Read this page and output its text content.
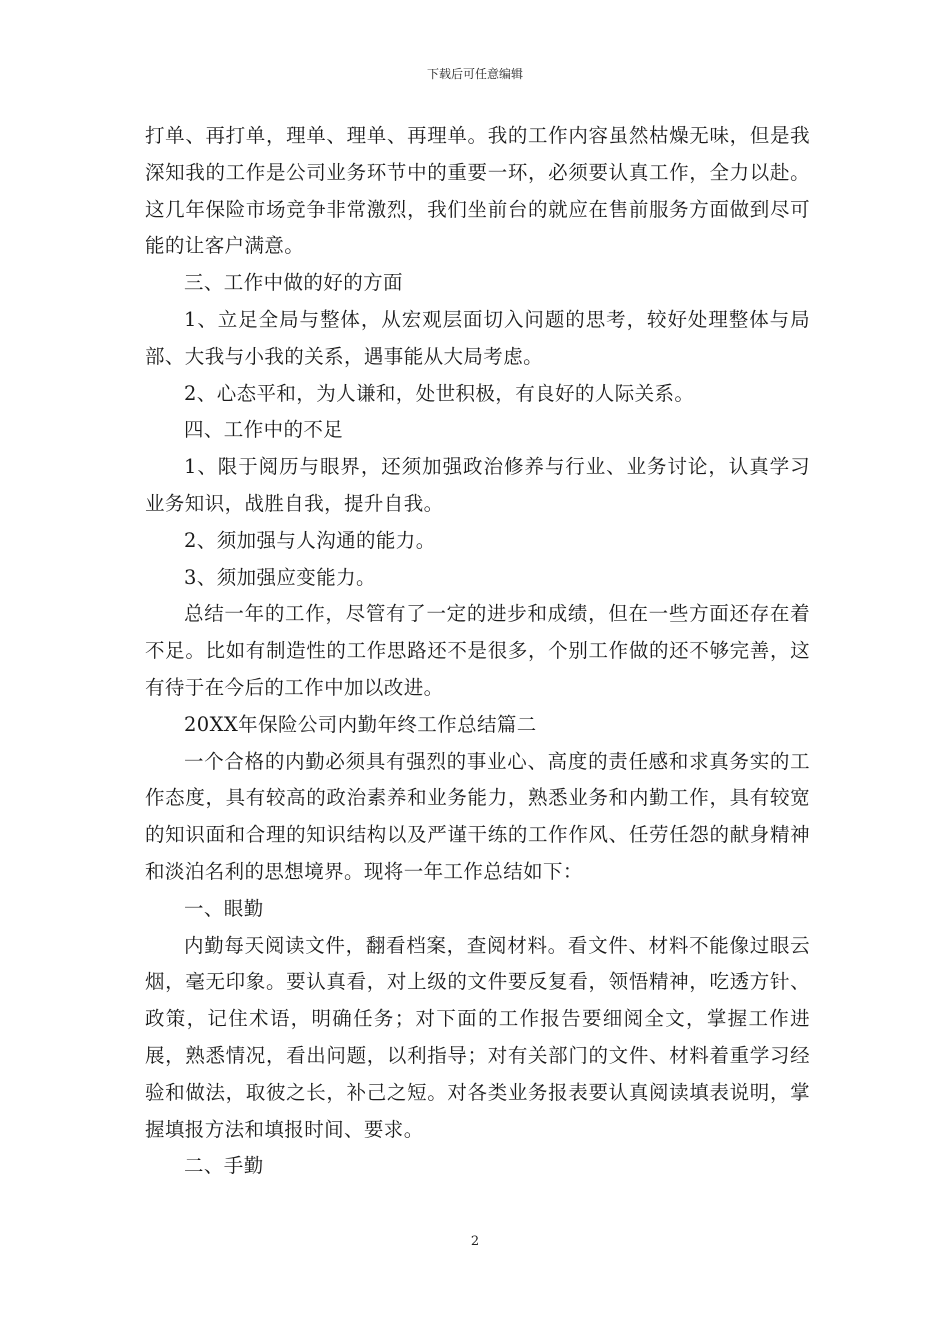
下载后可任意编辑

打单、再打单，理单、理单、再理单。我的工作内容虽然枯燥无味，但是我深知我的工作是公司业务环节中的重要一环，必须要认真工作，全力以赴。这几年保险市场竞争非常激烈，我们坐前台的就应在售前服务方面做到尽可能的让客户满意。

三、工作中做的好的方面

1、立足全局与整体，从宏观层面切入问题的思考，较好处理整体与局部、大我与小我的关系，遇事能从大局考虑。

2、心态平和，为人谦和，处世积极，有良好的人际关系。

四、工作中的不足

1、限于阅历与眼界，还须加强政治修养与行业、业务讨论，认真学习业务知识，战胜自我，提升自我。

2、须加强与人沟通的能力。

3、须加强应变能力。

总结一年的工作，尽管有了一定的进步和成绩，但在一些方面还存在着不足。比如有制造性的工作思路还不是很多，个别工作做的还不够完善，这有待于在今后的工作中加以改进。

20XX年保险公司内勤年终工作总结篇二

一个合格的内勤必须具有强烈的事业心、高度的责任感和求真务实的工作态度，具有较高的政治素养和业务能力，熟悉业务和内勤工作，具有较宽的知识面和合理的知识结构以及严谨干练的工作作风、任劳任怨的献身精神和淡泊名利的思想境界。现将一年工作总结如下：

一、眼勤

内勤每天阅读文件，翻看档案，查阅材料。看文件、材料不能像过眼云烟，毫无印象。要认真看，对上级的文件要反复看，领悟精神，吃透方针、政策，记住术语，明确任务；对下面的工作报告要细阅全文，掌握工作进展，熟悉情况，看出问题，以利指导；对有关部门的文件、材料着重学习经验和做法，取彼之长，补己之短。对各类业务报表要认真阅读填表说明，掌握填报方法和填报时间、要求。

二、手勤

2
